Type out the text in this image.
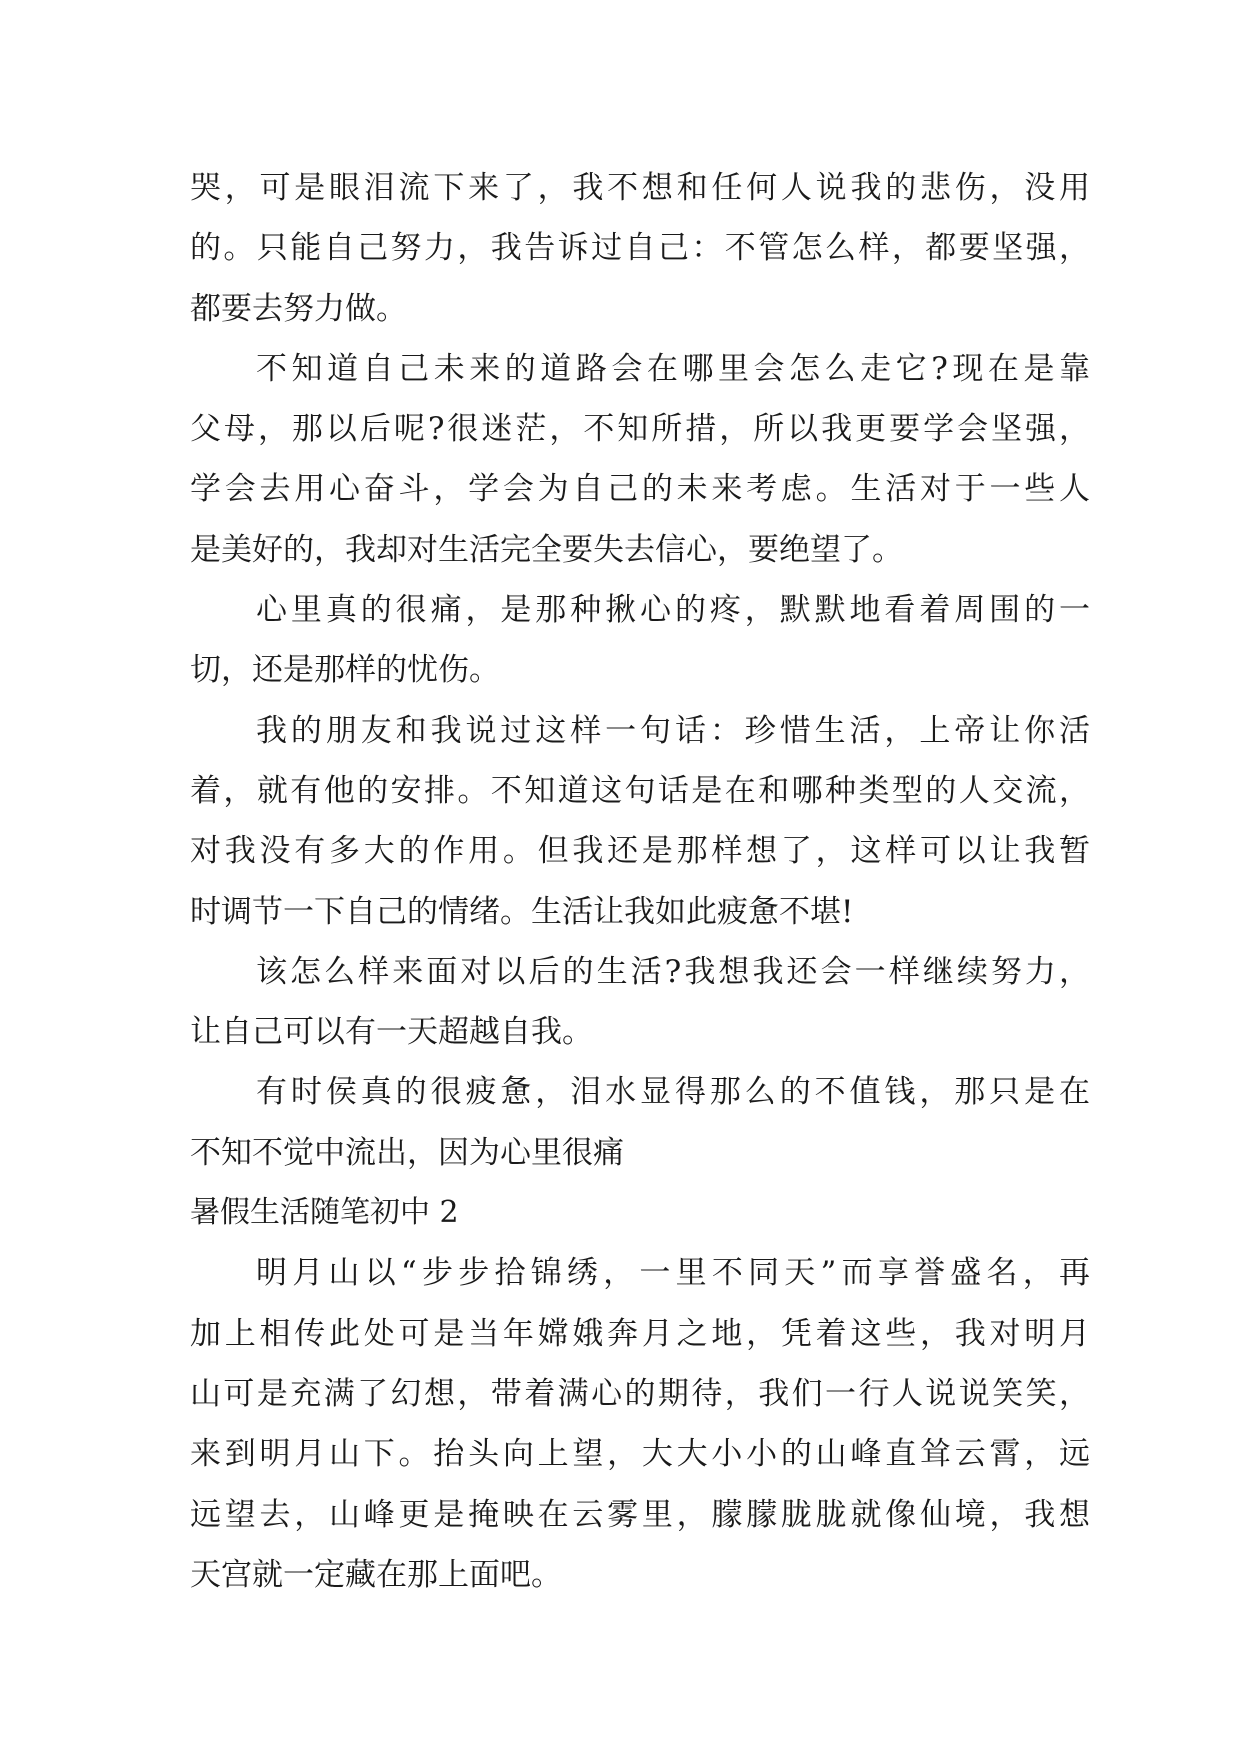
哭，可是眼泪流下来了，我不想和任何人说我的悲伤，没用
的。只能自己努力，我告诉过自己：不管怎么样，都要坚强，
都要去努力做。
不知道自己未来的道路会在哪里会怎么走它?现在是靠
父母，那以后呢?很迷茫，不知所措，所以我更要学会坚强，
学会去用心奋斗，学会为自己的未来考虑。生活对于一些人
是美好的，我却对生活完全要失去信心，要绝望了。
心里真的很痛，是那种揪心的疼，默默地看着周围的一
切，还是那样的忧伤。
我的朋友和我说过这样一句话：珍惜生活，上帝让你活
着，就有他的安排。不知道这句话是在和哪种类型的人交流，
对我没有多大的作用。但我还是那样想了，这样可以让我暂
时调节一下自己的情绪。生活让我如此疲惫不堪!
该怎么样来面对以后的生活?我想我还会一样继续努力，
让自己可以有一天超越自我。
有时侯真的很疲惫，泪水显得那么的不值钱，那只是在
不知不觉中流出，因为心里很痛
暑假生活随笔初中 2
明月山以“步步拾锦绣，一里不同天”而享誉盛名，再
加上相传此处可是当年嫦娥奔月之地，凭着这些，我对明月
山可是充满了幻想，带着满心的期待，我们一行人说说笑笑，
来到明月山下。抬头向上望，大大小小的山峰直耸云霄，远
远望去，山峰更是掩映在云雾里，朦朦胧胧就像仙境，我想
天宫就一定藏在那上面吧。
